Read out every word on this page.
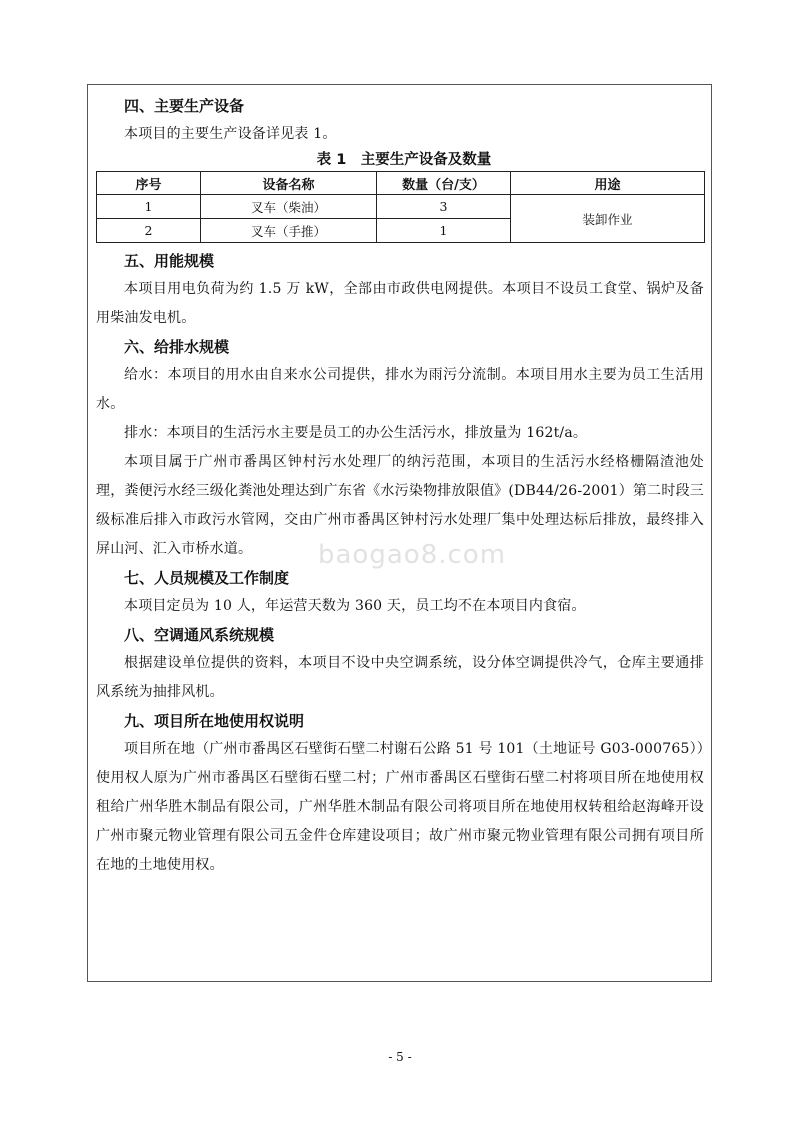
四、主要生产设备

本项目的主要生产设备详见表 1。

表 1　主要生产设备及数量
序号	设备名称	数量（台/支）	用途
1	叉车（柴油）	3	装卸作业
2	叉车（手推）	1	
五、用能规模

本项目用电负荷为约 1.5 万 kW，全部由市政供电网提供。本项目不设员工食堂、锅炉及备用柴油发电机。

六、给排水规模

给水：本项目的用水由自来水公司提供，排水为雨污分流制。本项目用水主要为员工生活用水。

排水：本项目的生活污水主要是员工的办公生活污水，排放量为 162t/a。

本项目属于广州市番禺区钟村污水处理厂的纳污范围，本项目的生活污水经格栅隔渣池处理，粪便污水经三级化粪池处理达到广东省《水污染物排放限值》(DB44/26-2001）第二时段三级标准后排入市政污水管网，交由广州市番禺区钟村污水处理厂集中处理达标后排放，最终排入屏山河、汇入市桥水道。

七、人员规模及工作制度

本项目定员为 10 人，年运营天数为 360 天，员工均不在本项目内食宿。

八、空调通风系统规模

根据建设单位提供的资料，本项目不设中央空调系统，设分体空调提供冷气，仓库主要通排风系统为抽排风机。

九、项目所在地使用权说明

项目所在地（广州市番禺区石壁街石壁二村谢石公路 51 号 101（土地证号 G03-000765））使用权人原为广州市番禺区石壁街石壁二村；广州市番禺区石壁街石壁二村将项目所在地使用权租给广州华胜木制品有限公司，广州华胜木制品有限公司将项目所在地使用权转租给赵海峰开设广州市聚元物业管理有限公司五金件仓库建设项目；故广州市聚元物业管理有限公司拥有项目所在地的土地使用权。

baogao8.com
- 5 -
